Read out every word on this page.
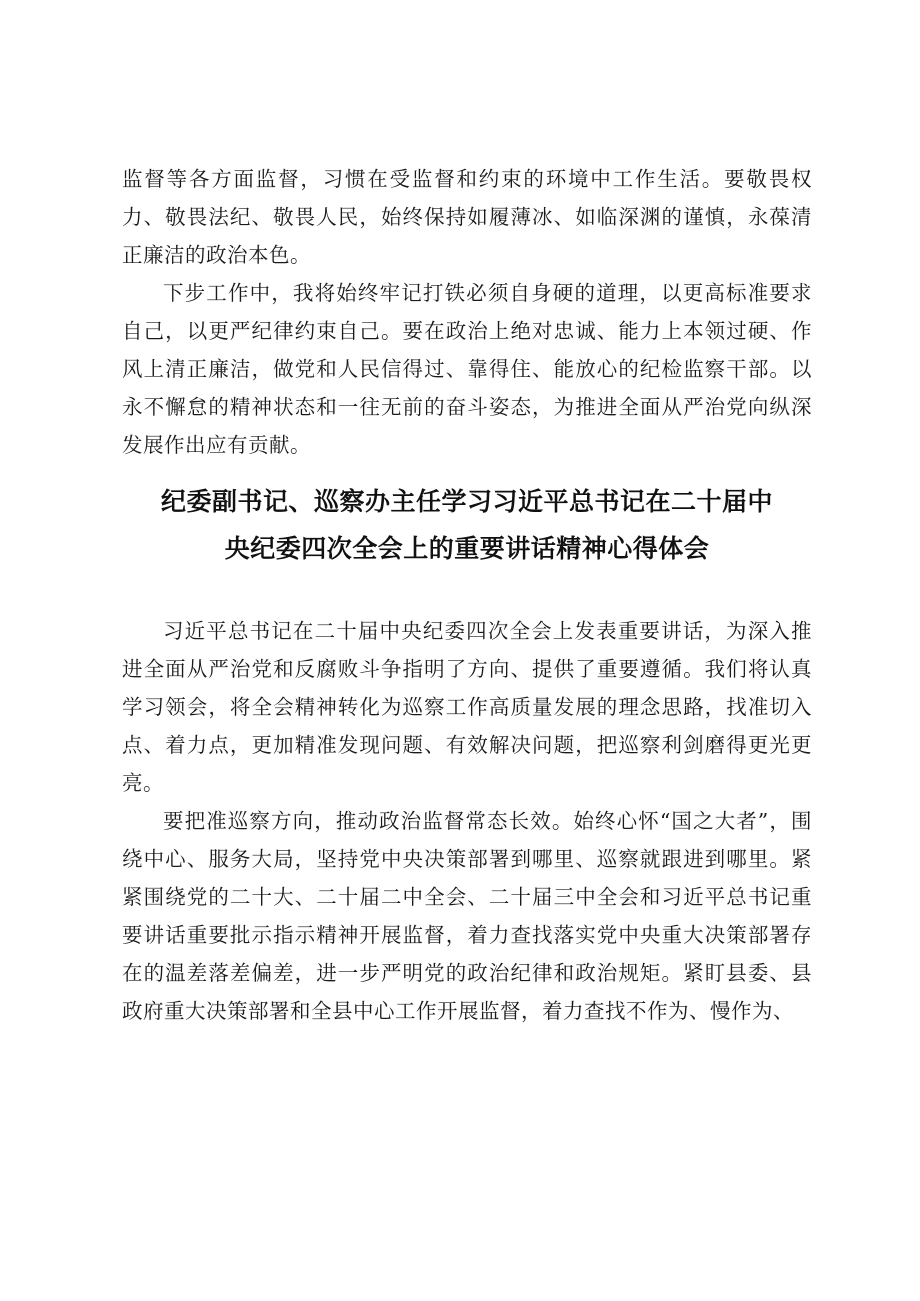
监督等各方面监督，习惯在受监督和约束的环境中工作生活。要敬畏权力、敬畏法纪、敬畏人民，始终保持如履薄冰、如临深渊的谨慎，永葆清正廉洁的政治本色。

下步工作中，我将始终牢记打铁必须自身硬的道理，以更高标准要求自己，以更严纪律约束自己。要在政治上绝对忠诚、能力上本领过硬、作风上清正廉洁，做党和人民信得过、靠得住、能放心的纪检监察干部。以永不懈怠的精神状态和一往无前的奋斗姿态，为推进全面从严治党向纵深发展作出应有贡献。

纪委副书记、巡察办主任学习习近平总书记在二十届中
央纪委四次全会上的重要讲话精神心得体会

习近平总书记在二十届中央纪委四次全会上发表重要讲话，为深入推进全面从严治党和反腐败斗争指明了方向、提供了重要遵循。我们将认真学习领会，将全会精神转化为巡察工作高质量发展的理念思路，找准切入点、着力点，更加精准发现问题、有效解决问题，把巡察利剑磨得更光更亮。

要把准巡察方向，推动政治监督常态长效。始终心怀“国之大者”，围绕中心、服务大局，坚持党中央决策部署到哪里、巡察就跟进到哪里。紧紧围绕党的二十大、二十届二中全会、二十届三中全会和习近平总书记重要讲话重要批示指示精神开展监督，着力查找落实党中央重大决策部署存在的温差落差偏差，进一步严明党的政治纪律和政治规矩。紧盯县委、县政府重大决策部署和全县中心工作开展监督，着力查找不作为、慢作为、
